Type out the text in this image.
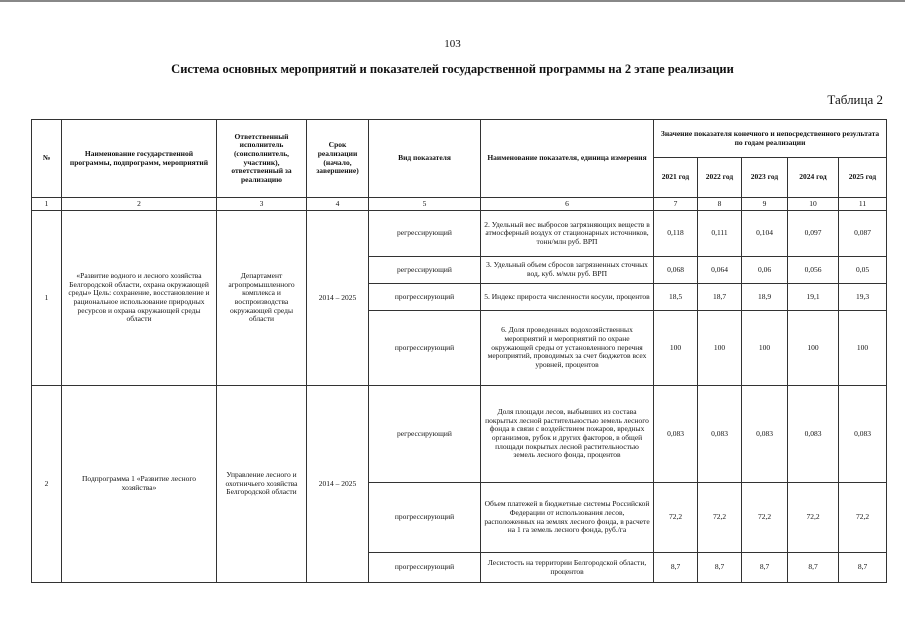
103
Система основных мероприятий и показателей государственной программы на 2 этапе реализации
Таблица 2
№	Наименование государственной программы, подпрограмм, мероприятий	Ответственный исполнитель (соисполнитель, участник), ответственный за реализацию	Срок реализации (начало, завершение)	Вид показателя	Наименование показателя, единица измерения	Значение показателя конечного и непосредственного результата по годам реализации				
						2021 год	2022 год	2023 год	2024 год	2025 год
1	2	3	4	5	6	7	8	9	10	11
1	«Развитие водного и лесного хозяйства Белгородской области, охрана окружающей среды» Цель: сохранение, восстановление и рациональное использование природных ресурсов и охрана окружающей среды области	Департамент агропромышленного комплекса и воспроизводства окружающей среды области	2014 – 2025	регрессирующий	2. Удельный вес выбросов загрязняющих веществ в атмосферный воздух от стационарных источников, тонн/млн руб. ВРП	0,118	0,111	0,104	0,097	0,087
				регрессирующий	3. Удельный объем сбросов загрязненных сточных вод, куб. м/млн руб. ВРП	0,068	0,064	0,06	0,056	0,05
				прогрессирующий	5. Индекс прироста численности косули, процентов	18,5	18,7	18,9	19,1	19,3
				прогрессирующий	6. Доля проведенных водохозяйственных мероприятий и мероприятий по охране окружающей среды от установленного перечня мероприятий, проводимых за счет бюджетов всех уровней, процентов	100	100	100	100	100
2	Подпрограмма 1 «Развитие лесного хозяйства»	Управление лесного и охотничьего хозяйства Белгородской области	2014 – 2025	регрессирующий	Доля площади лесов, выбывших из состава покрытых лесной растительностью земель лесного фонда в связи с воздействием пожаров, вредных организмов, рубок и других факторов, в общей площади покрытых лесной растительностью земель лесного фонда, процентов	0,083	0,083	0,083	0,083	0,083
				прогрессирующий	Объем платежей в бюджетные системы Российской Федерации от использования лесов, расположенных на землях лесного фонда, в расчете на 1 га земель лесного фонда, руб./га	72,2	72,2	72,2	72,2	72,2
				прогрессирующий	Лесистость на территории Белгородской области, процентов	8,7	8,7	8,7	8,7	8,7
